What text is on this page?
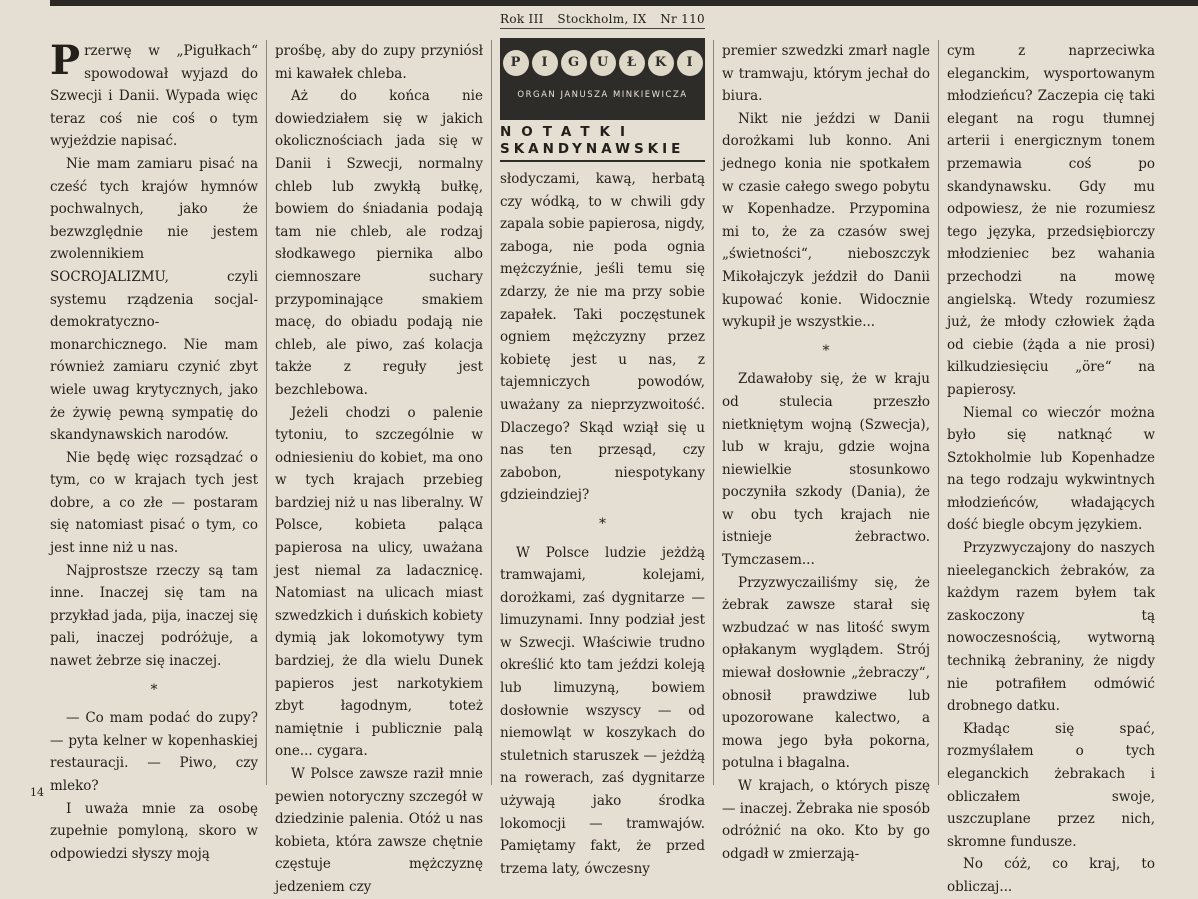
Rok III Stockholm, IX Nr 110
P	I	G	U	Ł	K	I
ORGAN JANUSZA MINKIEWICZA
NOTATKI
SKANDYNAWSKIE

Przerwę w „Pigułkach“ spowodował wyjazd do Szwecji i Danii. Wypada więc teraz coś nie coś o tym wyjeżdzie napisać.

Nie mam zamiaru pisać na cześć tych krajów hymnów pochwalnych, jako że bezwzględnie nie jestem zwolennikiem SOCROJALIZMU, czyli systemu rządzenia socjal-demokratyczno-monarchicznego. Nie mam również zamiaru czynić zbyt wiele uwag krytycznych, jako że żywię pewną sympatię do skandynawskich narodów.

Nie będę więc rozsądzać o tym, co w krajach tych jest dobre, a co złe — postaram się natomiast pisać o tym, co jest inne niż u nas.

Najprostsze rzeczy są tam inne. Inaczej się tam na przykład jada, pija, inaczej się pali, inaczej podróżuje, a nawet żebrze się inaczej.

*

— Co mam podać do zupy? — pyta kelner w kopenhaskiej restauracji. — Piwo, czy mleko?

I uważa mnie za osobę zupełnie pomyloną, skoro w odpowiedzi słyszy moją

prośbę, aby do zupy przyniósł mi kawałek chleba.

Aż do końca nie dowiedziałem się w jakich okolicznościach jada się w Danii i Szwecji, normalny chleb lub zwykłą bułkę, bowiem do śniadania podają tam nie chleb, ale rodzaj słodkawego piernika albo ciemnoszare suchary przypominające smakiem macę, do obiadu podają nie chleb, ale piwo, zaś kolacja także z reguły jest bezchlebowa.

Jeżeli chodzi o palenie tytoniu, to szczególnie w odniesieniu do kobiet, ma ono w tych krajach przebieg bardziej niż u nas liberalny. W Polsce, kobieta paląca papierosa na ulicy, uważana jest niemal za ladacznicę. Natomiast na ulicach miast szwedzkich i duńskich kobiety dymią jak lokomotywy tym bardziej, że dla wielu Dunek papieros jest narkotykiem zbyt łagodnym, toteż namiętnie i publicznie palą one... cygara.

W Polsce zawsze raził mnie pewien notoryczny szczegół w dziedzinie palenia. Otóż u nas kobieta, która zawsze chętnie częstuje mężczyznę jedzeniem czy

słodyczami, kawą, herbatą czy wódką, to w chwili gdy zapala sobie papierosa, nigdy, zaboga, nie poda ognia mężczyźnie, jeśli temu się zdarzy, że nie ma przy sobie zapałek. Taki poczęstunek ogniem mężczyzny przez kobietę jest u nas, z tajemniczych powodów, uważany za nieprzyzwoitość. Dlaczego? Skąd wziął się u nas ten przesąd, czy zabobon, niespotykany gdzieindziej?

*

W Polsce ludzie jeżdżą tramwajami, kolejami, dorożkami, zaś dygnitarze — limuzynami. Inny podział jest w Szwecji. Właściwie trudno określić kto tam jeździ koleją lub limuzyną, bowiem dosłownie wszyscy — od niemowląt w koszykach do stuletnich staruszek — jeżdżą na rowerach, zaś dygnitarze używają jako środka lokomocji — tramwajów. Pamiętamy fakt, że przed trzema laty, ówczesny

premier szwedzki zmarł nagle w tramwaju, którym jechał do biura.

Nikt nie jeździ w Danii dorożkami lub konno. Ani jednego konia nie spotkałem w czasie całego swego pobytu w Kopenhadze. Przypomina mi to, że za czasów swej „świetności“, nieboszczyk Mikołajczyk jeździł do Danii kupować konie. Widocznie wykupił je wszystkie...

*

Zdawałoby się, że w kraju od stulecia przeszło nietkniętym wojną (Szwecja), lub w kraju, gdzie wojna niewielkie stosunkowo poczyniła szkody (Dania), że w obu tych krajach nie istnieje żebractwo. Tymczasem...

Przyzwyczailiśmy się, że żebrak zawsze starał się wzbudzać w nas litość swym opłakanym wyglądem. Strój miewał dosłownie „żebraczy“, obnosił prawdziwe lub upozorowane kalectwo, a mowa jego była pokorna, potulna i błagalna.

W krajach, o których piszę — inaczej. Żebraka nie sposób odróżnić na oko. Kto by go odgadł w zmierzają-

cym z naprzeciwka eleganckim, wysportowanym młodzieńcu? Zaczepia cię taki elegant na rogu tłumnej arterii i energicznym tonem przemawia coś po skandynawsku. Gdy mu odpowiesz, że nie rozumiesz tego języka, przedsiębiorczy młodzieniec bez wahania przechodzi na mowę angielską. Wtedy rozumiesz już, że młody człowiek żąda od ciebie (żąda a nie prosi) kilkudziesięciu „öre“ na papierosy.

Niemal co wieczór można było się natknąć w Sztokholmie lub Kopenhadze na tego rodzaju wykwintnych młodzieńców, władających dość biegle obcym językiem.

Przyzwyczajony do naszych nieeleganckich żebraków, za każdym razem byłem tak zaskoczony tą nowoczesnością, wytworną techniką żebraniny, że nigdy nie potrafiłem odmówić drobnego datku.

Kładąc się spać, rozmyślałem o tych eleganckich żebrakach i obliczałem swoje, uszczuplane przez nich, skromne fundusze.

No cóż, co kraj, to obliczaj...

14
